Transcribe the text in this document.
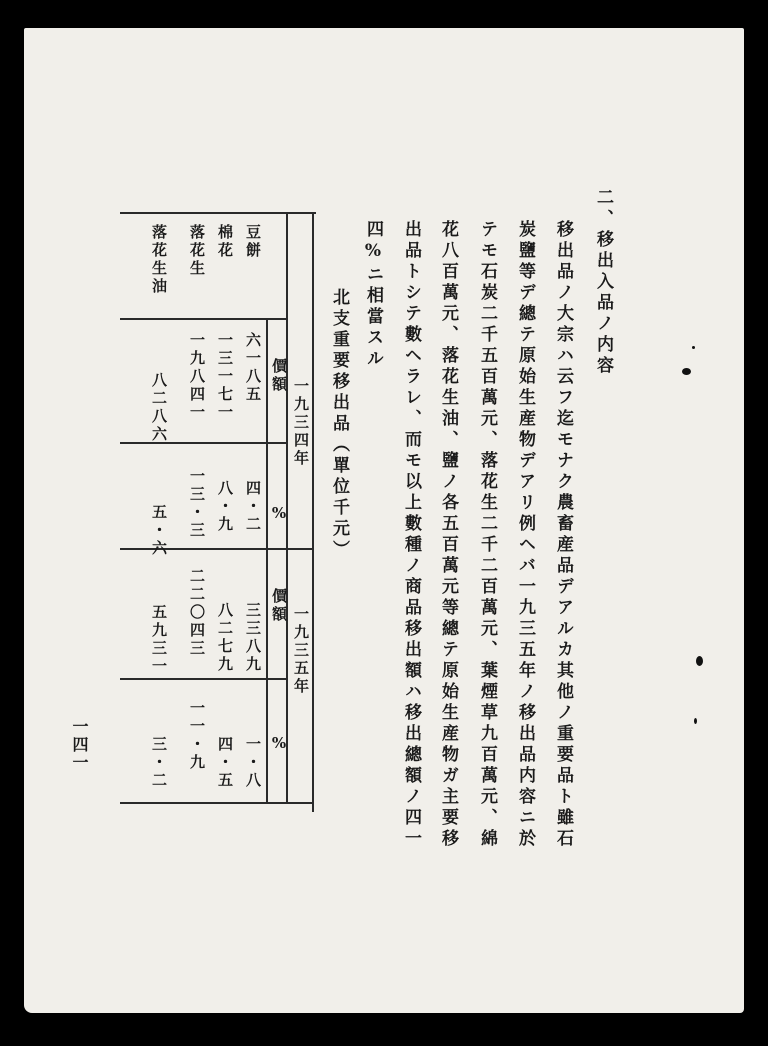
二、移出入品ノ内容
移出品ノ大宗ハ云フ迄モナク農畜産品デアルカ其他ノ重要品ト雖石
炭鹽等デ總テ原始生産物デアリ例ヘバ一九三五年ノ移出品内容ニ於
テモ石炭二千五百萬元、落花生二千二百萬元、葉煙草九百萬元、綿
花八百萬元、落花生油、鹽ノ各五百萬元等總テ原始生産物ガ主要移
出品トシテ數ヘラレ、而モ以上數種ノ商品移出額ハ移出總額ノ四一
四%ニ相當スル
北支重要移出品（單位千元）
一九三四年
一九三五年
價額
%
價額
%
豆餅
六一八五
四・二
三三八九
一・八
棉花
一三一七一
八・九
八二七九
四・五
落花生
一九八四一
一三・三
二二〇四三
一一・九
落花生油
八二八六
五・六
五九三一
三・二
一四一
